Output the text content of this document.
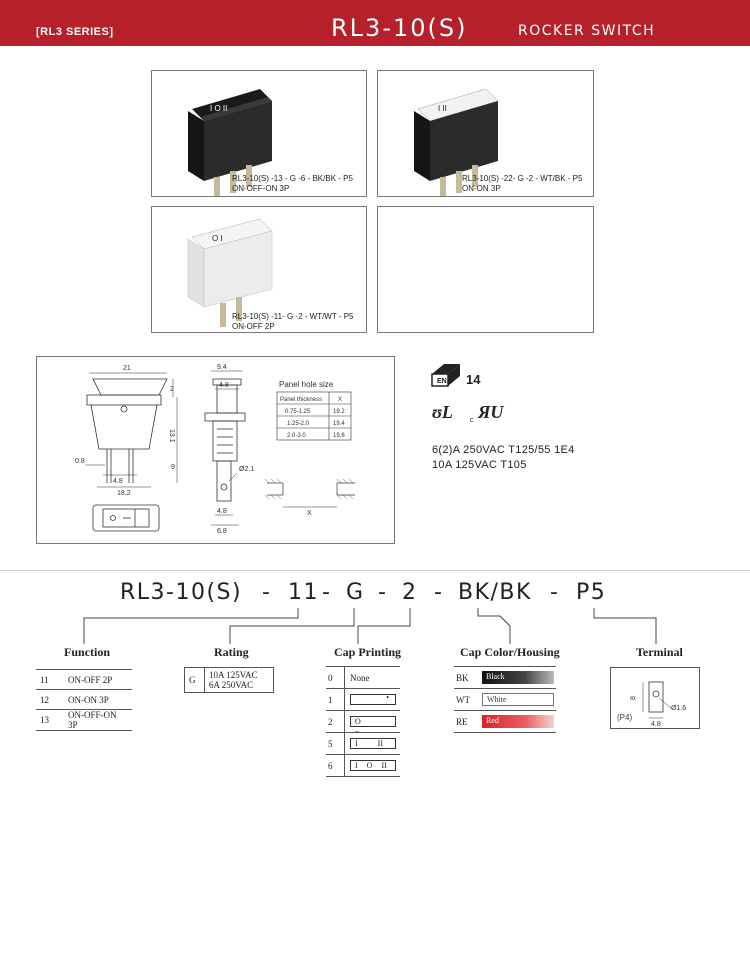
[RL3 SERIES]	RL3-10(S)	ROCKER SWITCH
I O II
RL3-10(S) -13 - G -6 - BK/BK - P5
ON-OFF-ON 3P
I II
RL3-10(S) -22- G -2 - WT/BK - P5
ON-ON 3P
O I
RL3-10(S) -11- G -2 - WT/WT - P5
ON-OFF 2P
21
2
13.1
9
0.8
4.8
18.2
9.4
4.8
Ø2.1
4.8
6.8
Panel hole size
Panel thickness	X
0.75-1.25	19.2
1.25-2.0	19.4
2.0-3.0	19.6
X
EN 14
ʊL c ЯU
6(2)A 250VAC T125/55 1E4
10A 125VAC T105
RL3-10(S) - 11 - G - 2 - BK/BK - P5
Function
11	ON-OFF 2P
12	ON-ON 3P
13	ON-OFF-ON 3P
Rating
G 10A 125VAC
6A 250VAC
Cap Printing
0 None
1	•
2	O –
5	I II
6	I O II
Cap Color/Housing
BK	Black
WT	White
RE	Red
Terminal
8
4.8
Ø1.6
(P4)
